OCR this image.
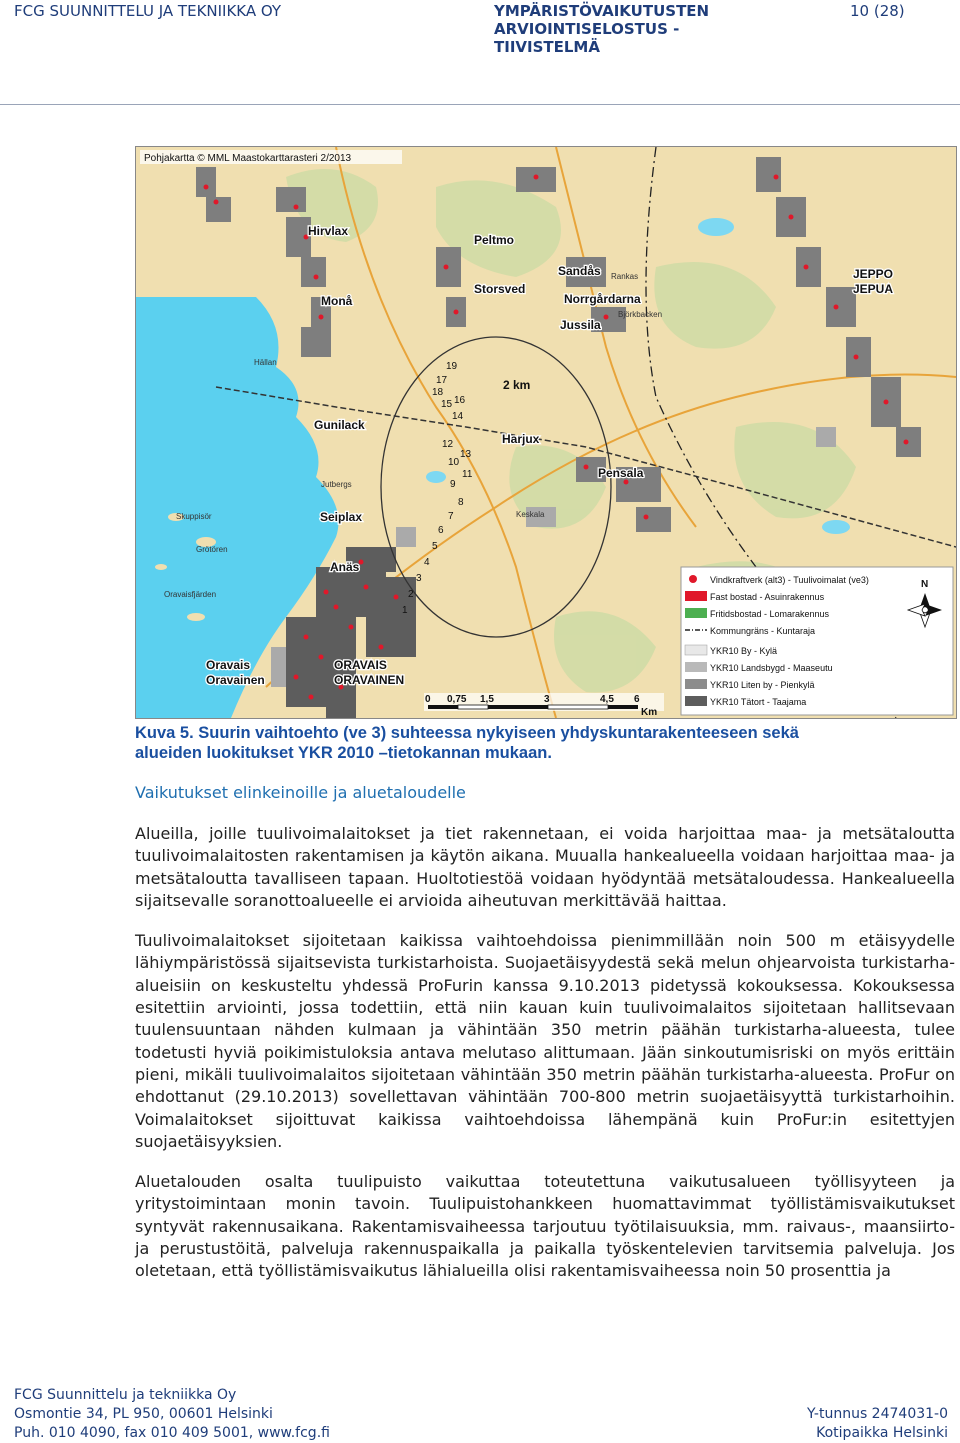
FCG SUUNNITTELU JA TEKNIIKKA OY	YMPÄRISTÖVAIKUTUSTEN
ARVIOINTISELOSTUS -
TIIVISTELMÄ
10 (28)
2 km
19
17
18
15 16
14
12
13
10
11
9
8
7
6
5
4
3
2
1
Hirvlax
Peltmo
Monå
Sandås
Storsved
Norrgårdarna
Jussila
JEPPO
JEPUA
Gunilack
Harjux
Pensala
Seiplax
Anäs
ORAVAIS
ORAVAINEN
Oravais
Oravainen
Hällan
Jutbergs
Skuppisör
Oravaisfjärden
Grötören
Keskala
Rankas
Björkbacken
Pohjakartta © MML Maastokarttarasteri 2/2013
Vindkraftverk (alt3) - Tuulivoimalat (ve3)
Fast bostad - Asuinrakennus
Fritidsbostad - Lomarakennus
Kommungräns - Kuntaraja
YKR10 By - Kylä
YKR10 Landsbygd - Maaseutu
YKR10 Liten by - Pienkylä
YKR10 Tätort - Taajama
N
0 0,75 1,5	3	4,5 6
Km
Kuva 5. Suurin vaihtoehto (ve 3) suhteessa nykyiseen yhdyskuntarakenteeseen sekä
alueiden luokitukset YKR 2010 –tietokannan mukaan.
Vaikutukset elinkeinoille ja aluetaloudelle

Alueilla, joille tuulivoimalaitokset ja tiet rakennetaan, ei voida harjoittaa maa- ja metsätaloutta tuulivoimalaitosten rakentamisen ja käytön aikana. Muualla hankealueella voidaan harjoittaa maa- ja metsätaloutta tavalliseen tapaan. Huoltotiestöä voidaan hyödyntää metsätaloudessa. Hankealueella sijaitsevalle soranottoalueelle ei arvioida aiheutuvan merkittävää haittaa.

Tuulivoimalaitokset sijoitetaan kaikissa vaihtoehdoissa pienimmillään noin 500 m etäisyydelle lähiympäristössä sijaitsevista turkistarhoista. Suojaetäisyydestä sekä melun ohjearvoista turkistarha-alueisiin on keskusteltu yhdessä ProFurin kanssa 9.10.2013 pidetyssä kokouksessa. Kokouksessa esitettiin arviointi, jossa todettiin, että niin kauan kuin tuulivoimalaitos sijoitetaan hallitsevaan tuulensuuntaan nähden kulmaan ja vähintään 350 metrin päähän turkistarha-alueesta, tulee todetusti hyviä poikimistuloksia antava melutaso alittumaan. Jään sinkoutumisriski on myös erittäin pieni, mikäli tuulivoimalaitos sijoitetaan vähintään 350 metrin päähän turkistarha-alueesta. ProFur on ehdottanut (29.10.2013) sovellettavan vähintään 700-800 metrin suojaetäisyyttä turkistarhoihin. Voimalaitokset sijoittuvat kaikissa vaihtoehdoissa lähempänä kuin ProFur:in esitettyjen suojaetäisyyksien.

Aluetalouden osalta tuulipuisto vaikuttaa toteutettuna vaikutusalueen työllisyyteen ja yritystoimintaan monin tavoin. Tuulipuistohankkeen huomattavimmat työllistämisvaikutukset syntyvät rakennusaikana. Rakentamisvaiheessa tarjoutuu työtilaisuuksia, mm. raivaus-, maansiirto- ja perustustöitä, palveluja rakennuspaikalla ja paikalla työskentelevien tarvitsemia palveluja. Jos oletetaan, että työllistämisvaikutus lähialueilla olisi rakentamisvaiheessa noin 50 prosenttia ja

FCG Suunnittelu ja tekniikka Oy
Osmontie 34, PL 950, 00601 Helsinki	Y-tunnus 2474031-0
Puh. 010 4090, fax 010 409 5001, www.fcg.fi	Kotipaikka Helsinki
